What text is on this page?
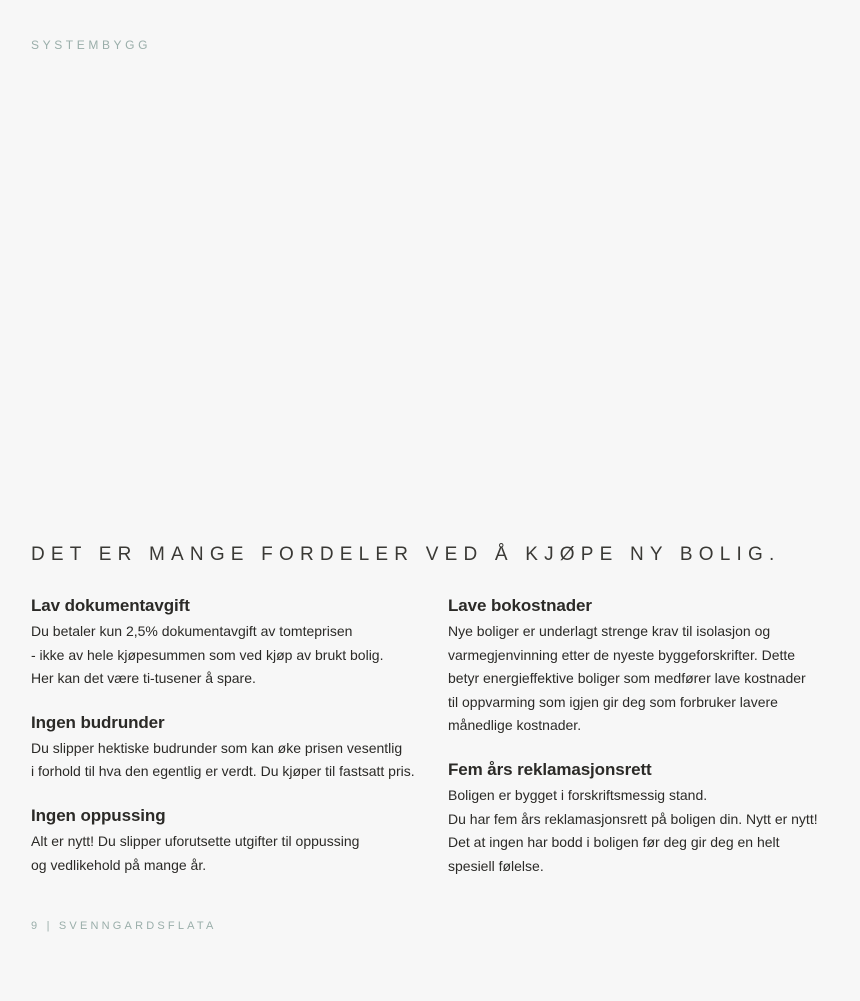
SYSTEMBYGG
DET ER MANGE FORDELER VED Å KJØPE NY BOLIG.
Lav dokumentavgift
Du betaler kun 2,5% dokumentavgift av tomteprisen
- ikke av hele kjøpesummen som ved kjøp av brukt bolig.
Her kan det være ti-tusener å spare.
Ingen budrunder
Du slipper hektiske budrunder som kan øke prisen vesentlig
i forhold til hva den egentlig er verdt. Du kjøper til fastsatt pris.
Ingen oppussing
Alt er nytt! Du slipper uforutsette utgifter til oppussing
og vedlikehold på mange år.
Lave bokostnader
Nye boliger er underlagt strenge krav til isolasjon og
varmegjenvinning etter de nyeste byggeforskrifter. Dette
betyr energieffektive boliger som medfører lave kostnader
til oppvarming som igjen gir deg som forbruker lavere
månedlige kostnader.
Fem års reklamasjonsrett
Boligen er bygget i forskriftsmessig stand.
Du har fem års reklamasjonsrett på boligen din. Nytt er nytt!
Det at ingen har bodd i boligen før deg gir deg en helt
spesiell følelse.
9 | SVENNGARDSFLATA
